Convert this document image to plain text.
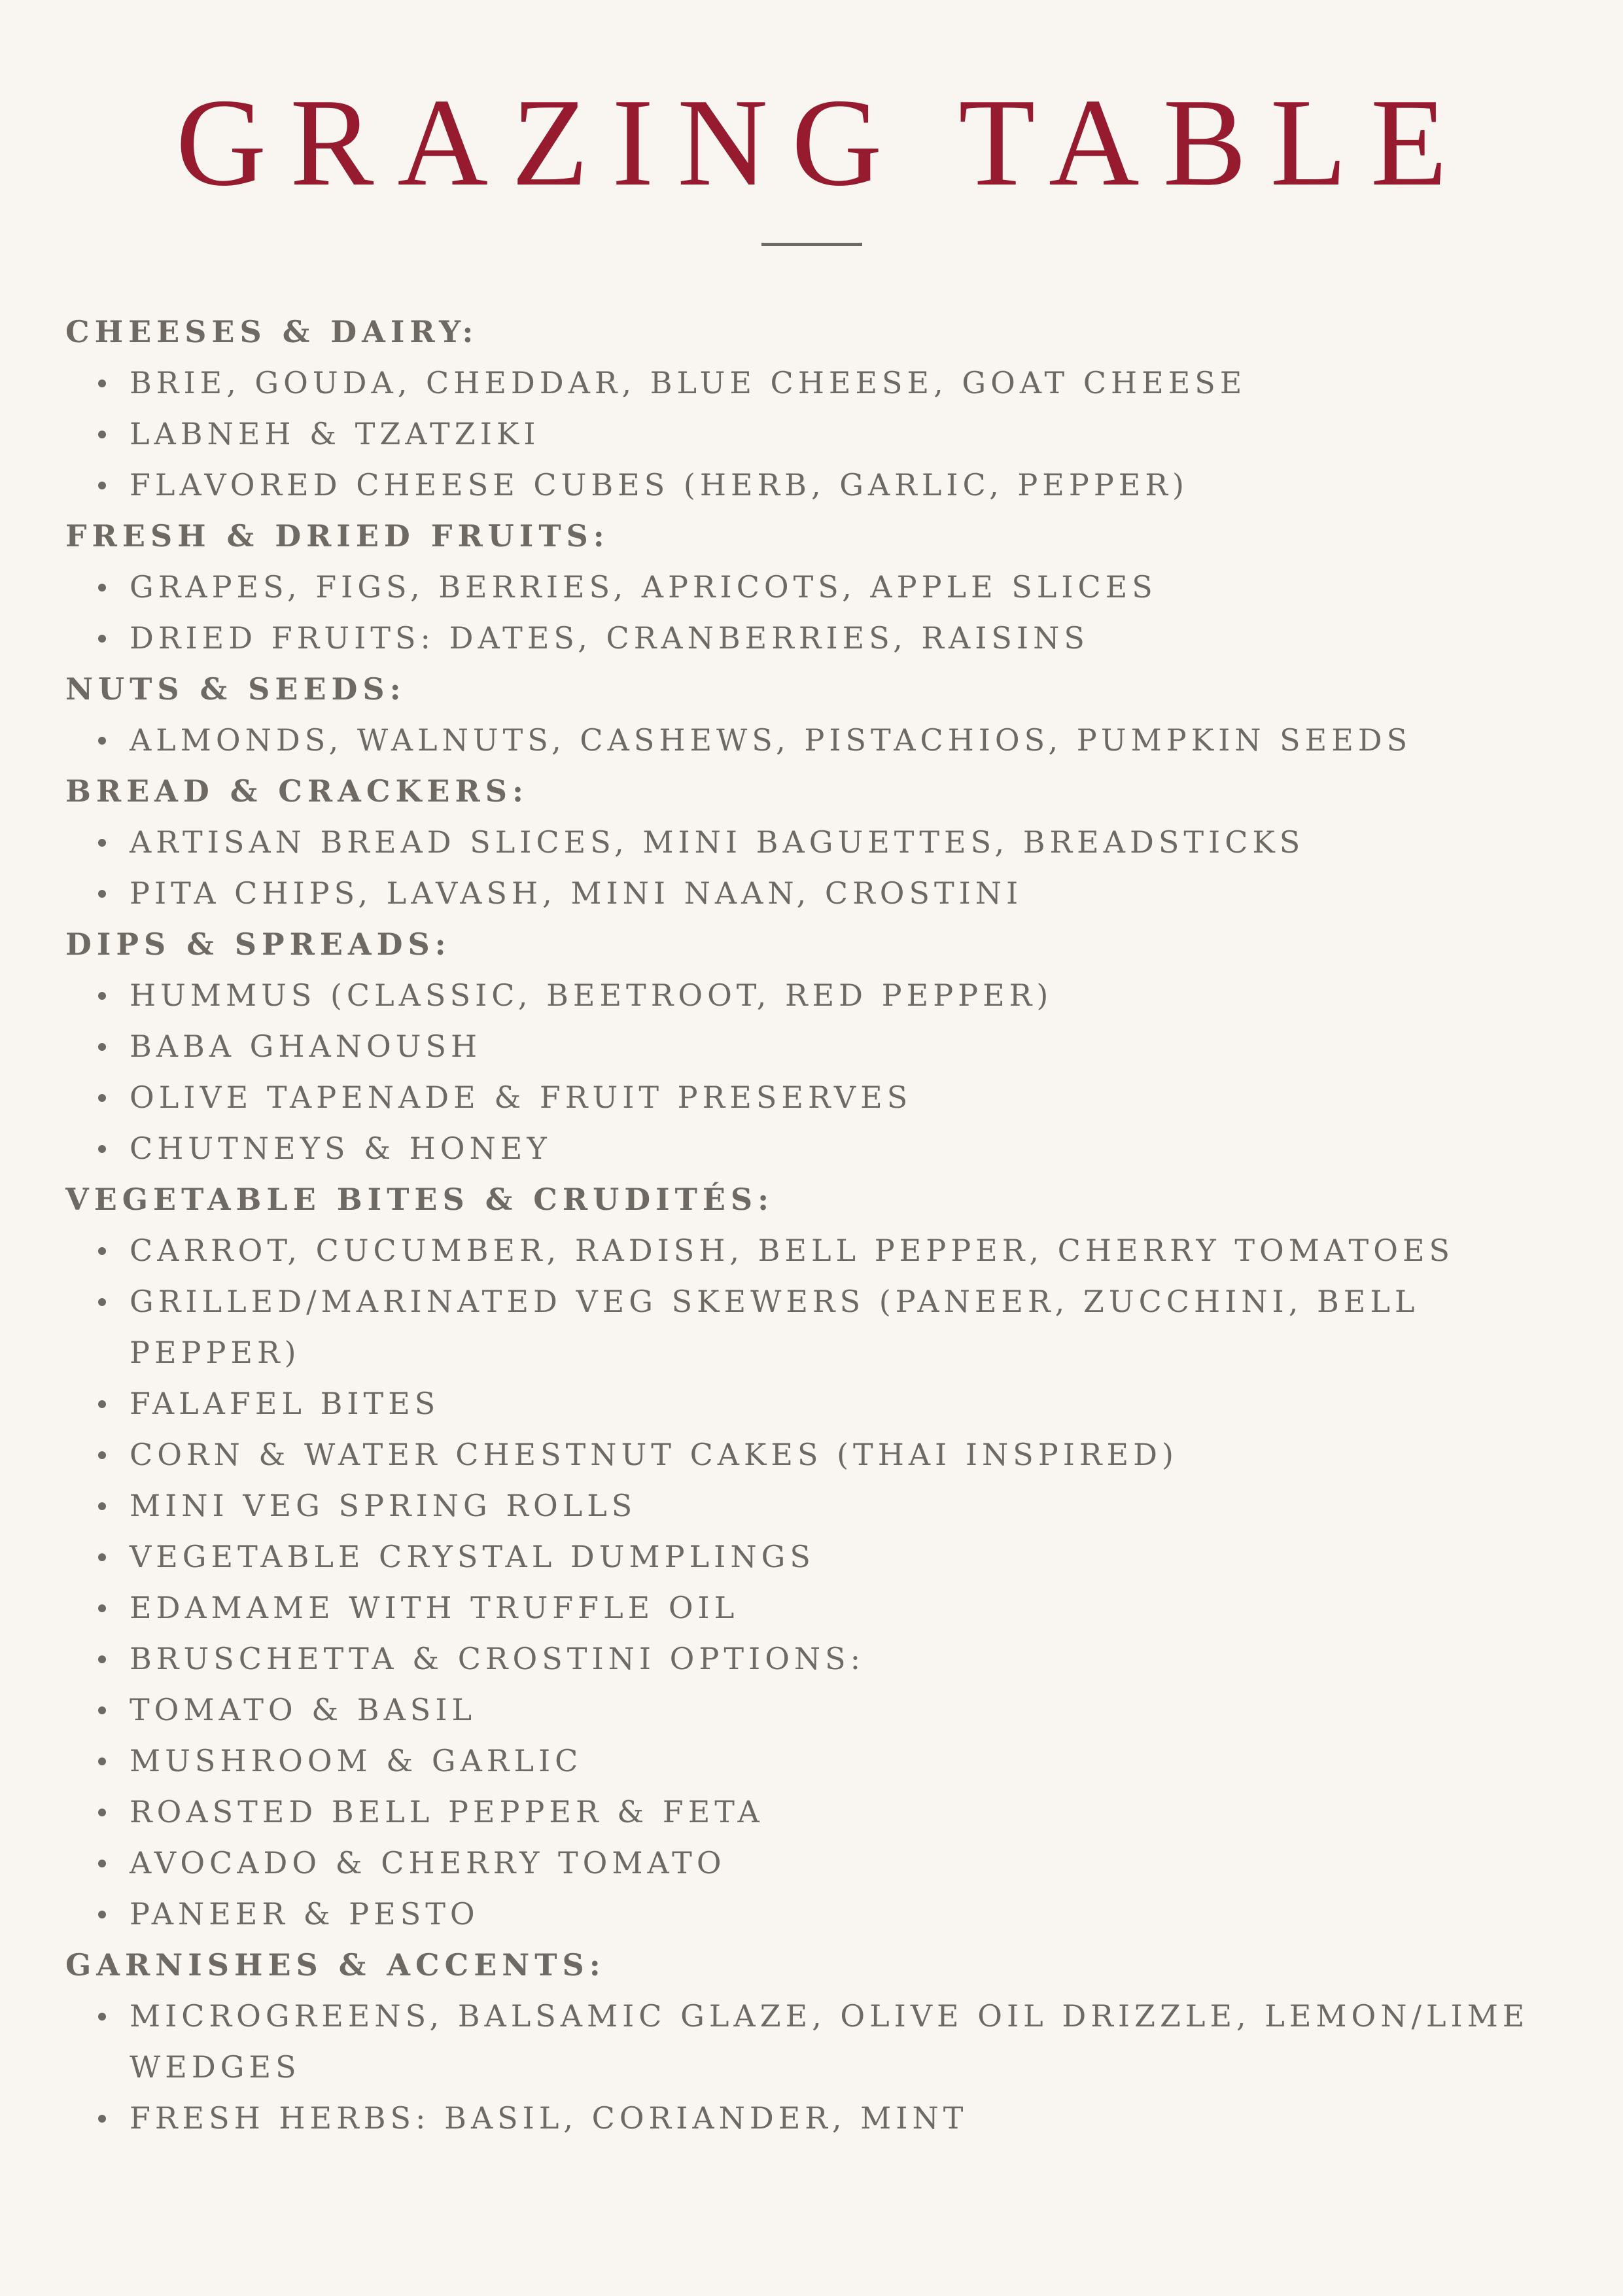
GRAZING TABLE
CHEESES & DAIRY:
BRIE, GOUDA, CHEDDAR, BLUE CHEESE, GOAT CHEESE
LABNEH & TZATZIKI
FLAVORED CHEESE CUBES (HERB, GARLIC, PEPPER)
FRESH & DRIED FRUITS:
GRAPES, FIGS, BERRIES, APRICOTS, APPLE SLICES
DRIED FRUITS: DATES, CRANBERRIES, RAISINS
NUTS & SEEDS:
ALMONDS, WALNUTS, CASHEWS, PISTACHIOS, PUMPKIN SEEDS
BREAD & CRACKERS:
ARTISAN BREAD SLICES, MINI BAGUETTES, BREADSTICKS
PITA CHIPS, LAVASH, MINI NAAN, CROSTINI
DIPS & SPREADS:
HUMMUS (CLASSIC, BEETROOT, RED PEPPER)
BABA GHANOUSH
OLIVE TAPENADE & FRUIT PRESERVES
CHUTNEYS & HONEY
VEGETABLE BITES & CRUDITÉS:
CARROT, CUCUMBER, RADISH, BELL PEPPER, CHERRY TOMATOES
GRILLED/MARINATED VEG SKEWERS (PANEER, ZUCCHINI, BELL PEPPER)
FALAFEL BITES
CORN & WATER CHESTNUT CAKES (THAI INSPIRED)
MINI VEG SPRING ROLLS
VEGETABLE CRYSTAL DUMPLINGS
EDAMAME WITH TRUFFLE OIL
BRUSCHETTA & CROSTINI OPTIONS:
TOMATO & BASIL
MUSHROOM & GARLIC
ROASTED BELL PEPPER & FETA
AVOCADO & CHERRY TOMATO
PANEER & PESTO
GARNISHES & ACCENTS:
MICROGREENS, BALSAMIC GLAZE, OLIVE OIL DRIZZLE, LEMON/LIME WEDGES
FRESH HERBS: BASIL, CORIANDER, MINT
